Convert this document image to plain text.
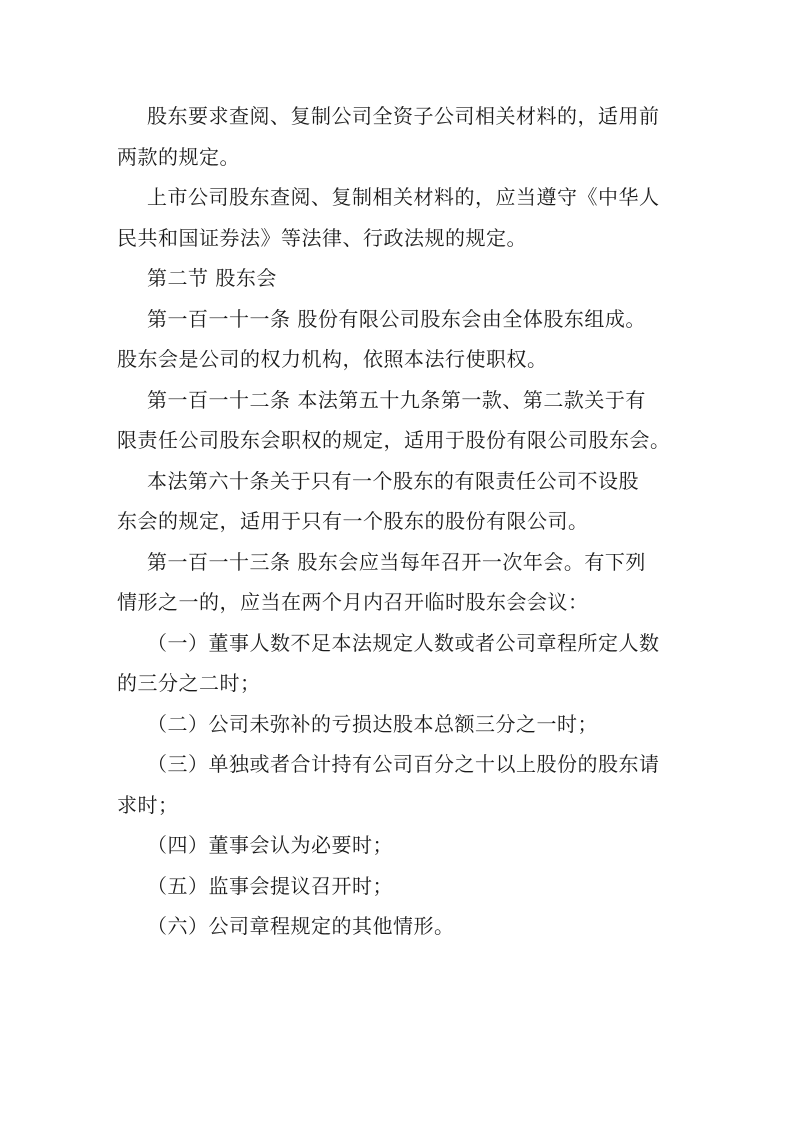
股东要求查阅、复制公司全资子公司相关材料的，适用前
两款的规定。
上市公司股东查阅、复制相关材料的，应当遵守《中华人
民共和国证券法》等法律、行政法规的规定。
第二节 股东会
第一百一十一条 股份有限公司股东会由全体股东组成。
股东会是公司的权力机构，依照本法行使职权。
第一百一十二条 本法第五十九条第一款、第二款关于有
限责任公司股东会职权的规定，适用于股份有限公司股东会。
本法第六十条关于只有一个股东的有限责任公司不设股
东会的规定，适用于只有一个股东的股份有限公司。
第一百一十三条 股东会应当每年召开一次年会。有下列
情形之一的，应当在两个月内召开临时股东会会议：
（一）董事人数不足本法规定人数或者公司章程所定人数
的三分之二时；
（二）公司未弥补的亏损达股本总额三分之一时；
（三）单独或者合计持有公司百分之十以上股份的股东请
求时；
（四）董事会认为必要时；
（五）监事会提议召开时；
（六）公司章程规定的其他情形。
